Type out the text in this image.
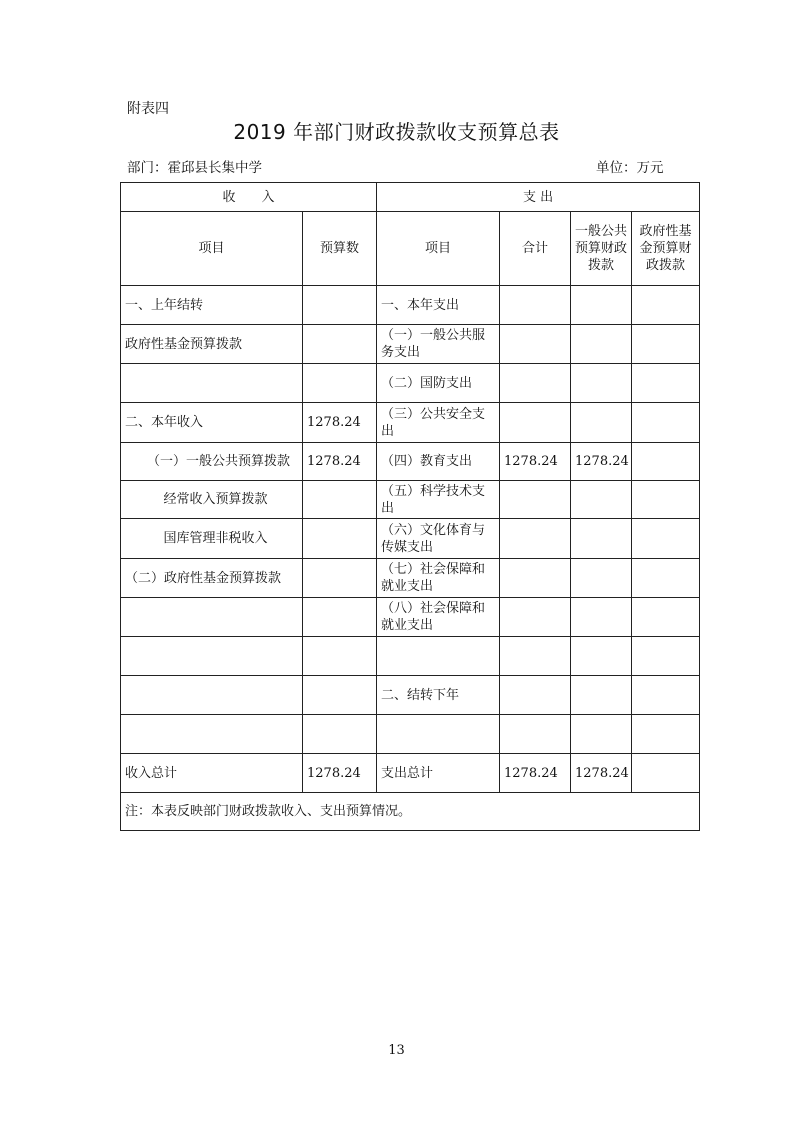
附表四
2019 年部门财政拨款收支预算总表
部门：霍邱县长集中学	单位：万元
收　　入		支 出			
项目	预算数	项目	合计	一般公共预算财政拨款	政府性基金预算财政拨款
一、上年结转		一、本年支出			
政府性基金预算拨款		（一）一般公共服务支出			
		（二）国防支出			
二、本年收入	1278.24	（三）公共安全支出			
（一）一般公共预算拨款	1278.24	（四）教育支出	1278.24	1278.24	
经常收入预算拨款		（五）科学技术支出			
国库管理非税收入		（六）文化体育与传媒支出			
（二）政府性基金预算拨款		（七）社会保障和就业支出			
		（八）社会保障和就业支出			

		二、结转下年			

收入总计	1278.24	支出总计	1278.24	1278.24	
注：本表反映部门财政拨款收入、支出预算情况。					
13
